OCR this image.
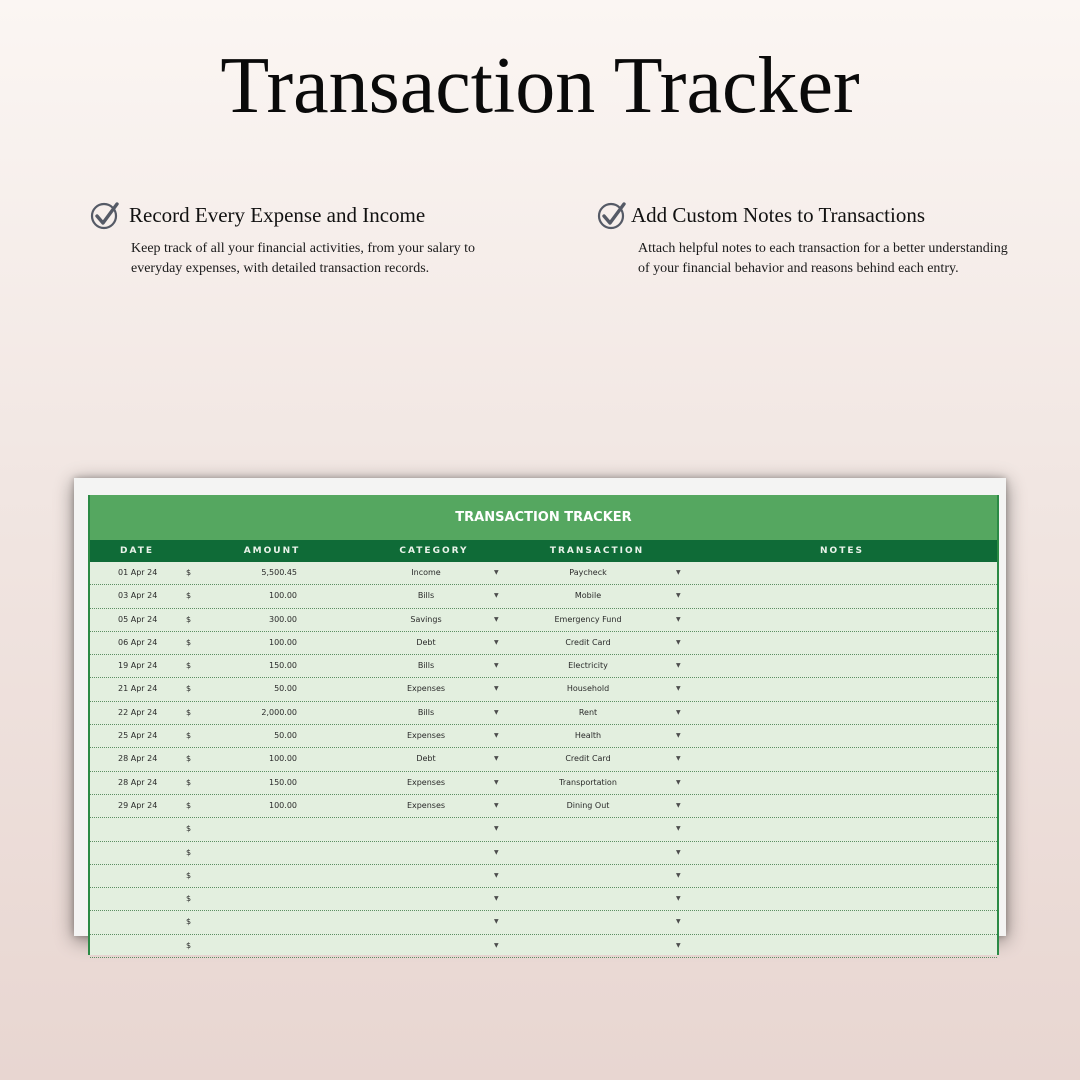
Transaction Tracker
Record Every Expense and Income

Keep track of all your financial activities, from your salary to everyday expenses, with detailed transaction records.

Add Custom Notes to Transactions

Attach helpful notes to each transaction for a better understanding of your financial behavior and reasons behind each entry.

TRANSACTION TRACKER
DATE	AMOUNT	CATEGORY	TRANSACTION	NOTES
01 Apr 24	$	5,500.45	Income	▼	Paycheck	▼
03 Apr 24	$	100.00	Bills	▼	Mobile	▼
05 Apr 24	$	300.00	Savings	▼	Emergency Fund	▼
06 Apr 24	$	100.00	Debt	▼	Credit Card	▼
19 Apr 24	$	150.00	Bills	▼	Electricity	▼
21 Apr 24	$	50.00	Expenses	▼	Household	▼
22 Apr 24	$	2,000.00	Bills	▼	Rent	▼
25 Apr 24	$	50.00	Expenses	▼	Health	▼
28 Apr 24	$	100.00	Debt	▼	Credit Card	▼
28 Apr 24	$	150.00	Expenses	▼	Transportation	▼
29 Apr 24	$	100.00	Expenses	▼	Dining Out	▼
$	▼	▼
$	▼	▼
$	▼	▼
$	▼	▼
$	▼	▼
$	▼	▼
